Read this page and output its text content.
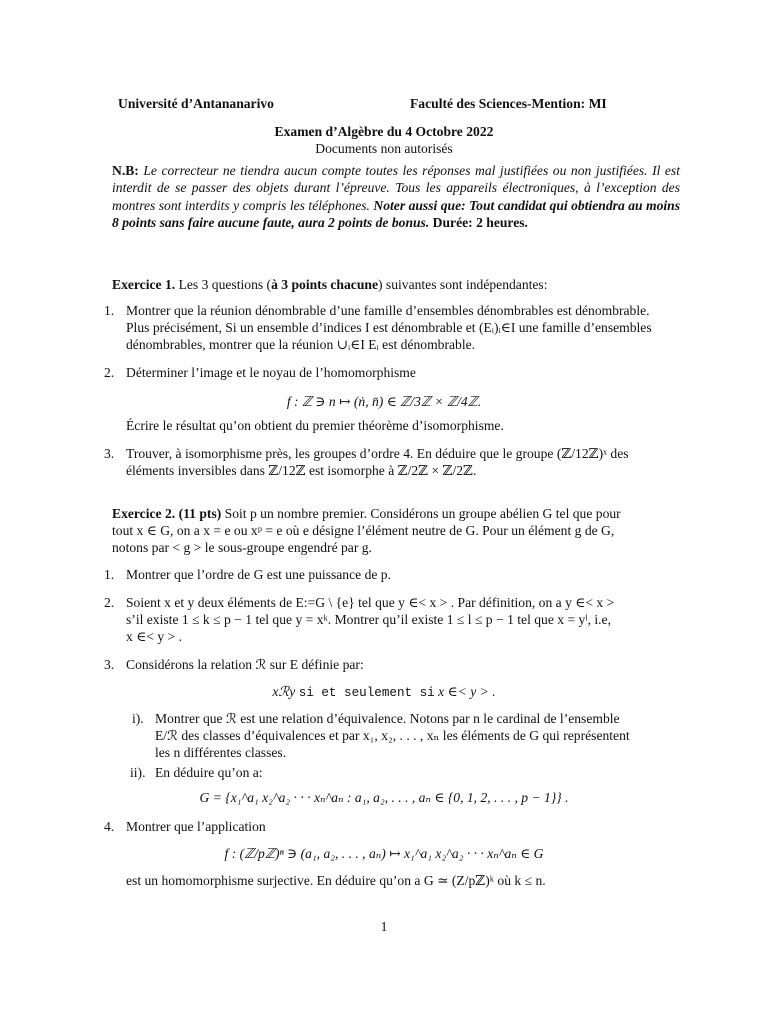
Université d’Antananarivo	Faculté des Sciences-Mention: MI
Examen d’Algèbre du 4 Octobre 2022
Documents non autorisés
N.B: Le correcteur ne tiendra aucun compte toutes les réponses mal justifiées ou non justifiées. Il est interdit de se passer des objets durant l’épreuve. Tous les appareils électroniques, à l’exception des montres sont interdits y compris les téléphones. Noter aussi que: Tout candidat qui obtiendra au moins 8 points sans faire aucune faute, aura 2 points de bonus. Durée: 2 heures.
Exercice 1. Les 3 questions (à 3 points chacune) suivantes sont indépendantes:
1. Montrer que la réunion dénombrable d’une famille d’ensembles dénombrables est dénombrable.
Plus précisément, Si un ensemble d’indices I est dénombrable et (Eᵢ)ᵢ∈I une famille d’ensembles
dénombrables, montrer que la réunion ∪ᵢ∈I Eᵢ est dénombrable.
2. Déterminer l’image et le noyau de l’homomorphisme
f : ℤ ∋ n ↦ (ṅ, n̄) ∈ ℤ/3ℤ × ℤ/4ℤ.
Écrire le résultat qu’on obtient du premier théorème d’isomorphisme.
3. Trouver, à isomorphisme près, les groupes d’ordre 4. En déduire que le groupe (ℤ/12ℤ)ˣ des
éléments inversibles dans ℤ/12ℤ est isomorphe à ℤ/2ℤ × ℤ/2ℤ.
Exercice 2. (11 pts) Soit p un nombre premier. Considérons un groupe abélien G tel que pour
tout x ∈ G, on a x = e ou xᵖ = e où e désigne l’élément neutre de G. Pour un élément g de G,
notons par < g > le sous-groupe engendré par g.
1. Montrer que l’ordre de G est une puissance de p.
2. Soient x et y deux éléments de E:=G \ {e} tel que y ∈< x > . Par définition, on a y ∈< x >
s’il existe 1 ≤ k ≤ p − 1 tel que y = xᵏ. Montrer qu’il existe 1 ≤ l ≤ p − 1 tel que x = yˡ, i.e,
x ∈< y > .
3. Considérons la relation ℛ sur E définie par:
xℛy si et seulement si x ∈< y > .
i). Montrer que ℛ est une relation d’équivalence. Notons par n le cardinal de l’ensemble
E/ℛ des classes d’équivalences et par x₁, x₂, . . . , xₙ les éléments de G qui représentent
les n différentes classes.
ii). En déduire qu’on a:
G = {x₁^a₁ x₂^a₂ · · · xₙ^aₙ : a₁, a₂, . . . , aₙ ∈ {0, 1, 2, . . . , p − 1}} .
4. Montrer que l’application
f : (ℤ/pℤ)ⁿ ∋ (a₁, a₂, . . . , aₙ) ↦ x₁^a₁ x₂^a₂ · · · xₙ^aₙ ∈ G
est un homomorphisme surjective. En déduire qu’on a G ≃ (Z/pℤ)ᵏ où k ≤ n.
1
